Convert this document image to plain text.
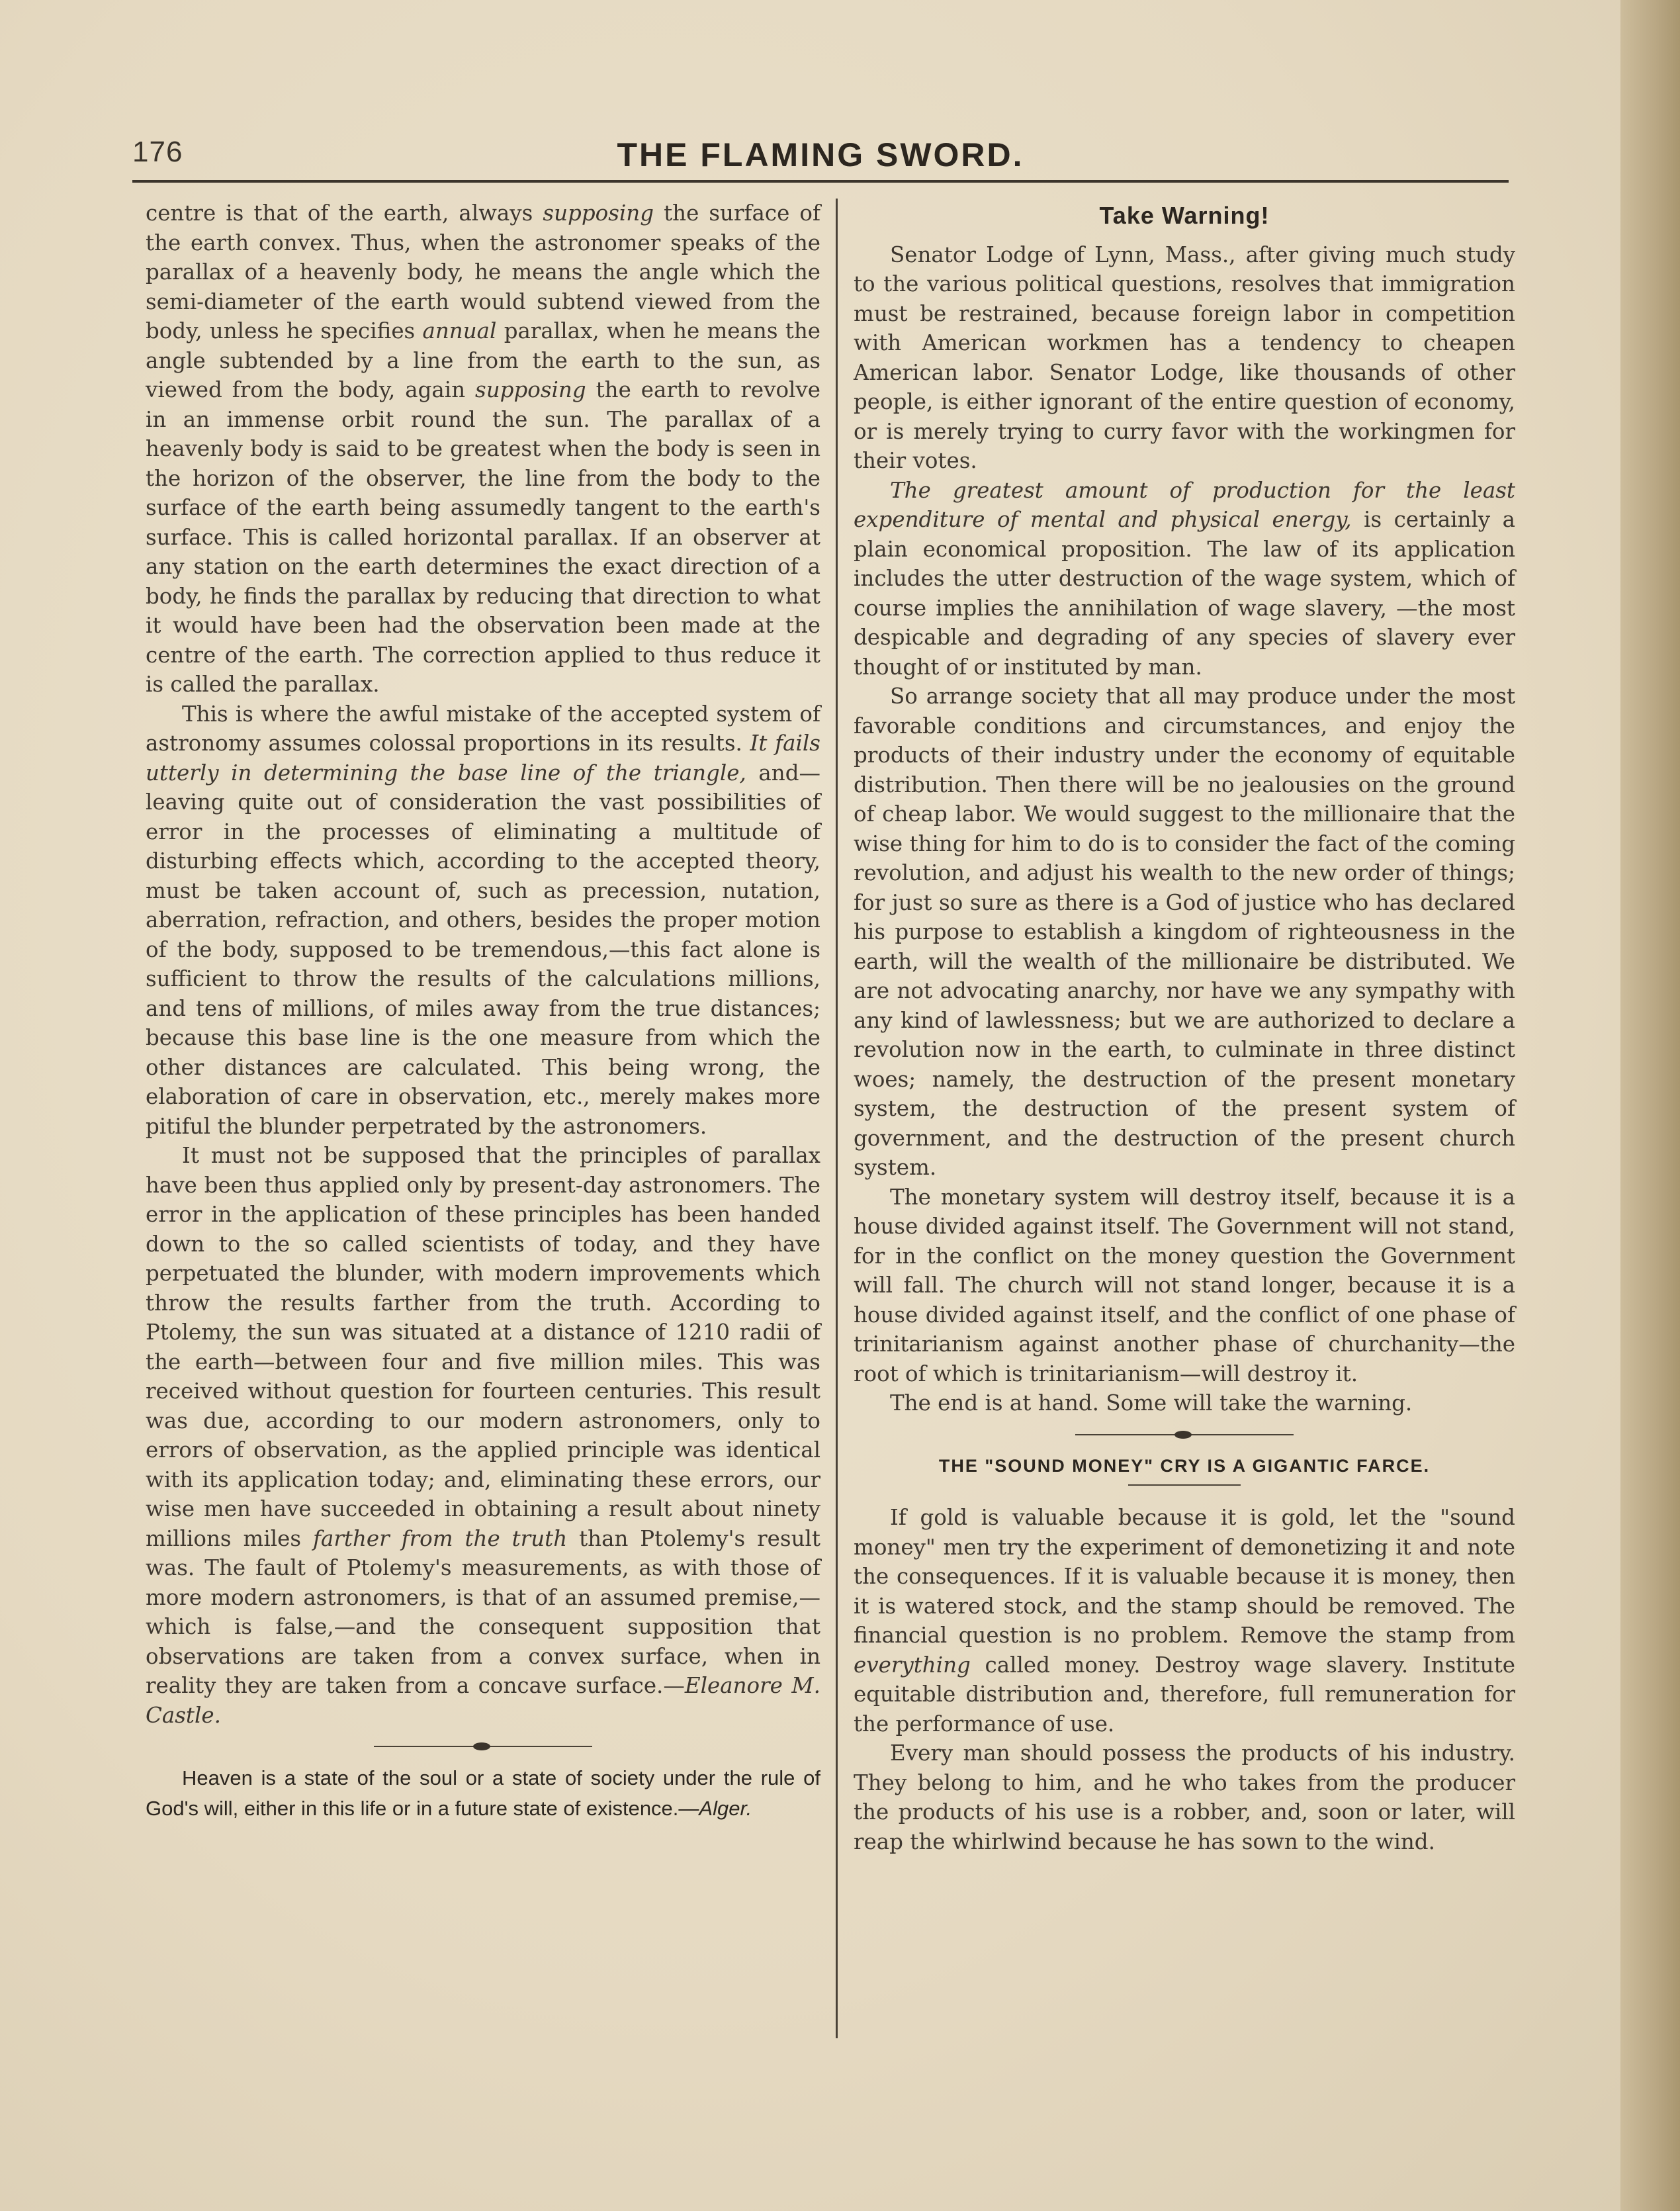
176	THE FLAMING SWORD.

centre is that of the earth, always supposing the surface of the earth convex. Thus, when the astronomer speaks of the parallax of a heavenly body, he means the angle which the semi-diameter of the earth would subtend viewed from the body, unless he specifies annual parallax, when he means the angle subtended by a line from the earth to the sun, as viewed from the body, again supposing the earth to revolve in an immense orbit round the sun. The parallax of a heavenly body is said to be greatest when the body is seen in the horizon of the observer, the line from the body to the surface of the earth being assumedly tangent to the earth's surface. This is called horizontal parallax. If an observer at any station on the earth determines the exact direction of a body, he finds the parallax by reducing that direction to what it would have been had the observation been made at the centre of the earth. The correction applied to thus reduce it is called the parallax.

This is where the awful mistake of the accepted system of astronomy assumes colossal proportions in its results. It fails utterly in determining the base line of the triangle, and—leaving quite out of consideration the vast possibilities of error in the processes of eliminating a multitude of disturbing effects which, according to the accepted theory, must be taken account of, such as precession, nutation, aberration, refraction, and others, besides the proper motion of the body, supposed to be tremendous,—this fact alone is sufficient to throw the results of the calculations millions, and tens of millions, of miles away from the true distances; because this base line is the one measure from which the other distances are calculated. This being wrong, the elaboration of care in observation, etc., merely makes more pitiful the blunder perpetrated by the astronomers.

It must not be supposed that the principles of parallax have been thus applied only by present-day astronomers. The error in the application of these principles has been handed down to the so called scientists of today, and they have perpetuated the blunder, with modern improvements which throw the results farther from the truth. According to Ptolemy, the sun was situated at a distance of 1210 radii of the earth—between four and five million miles. This was received without question for fourteen centuries. This result was due, according to our modern astronomers, only to errors of observation, as the applied principle was identical with its application today; and, eliminating these errors, our wise men have succeeded in obtaining a result about ninety millions miles farther from the truth than Ptolemy's result was. The fault of Ptolemy's measurements, as with those of more modern astronomers, is that of an assumed premise,—which is false,—and the consequent supposition that observations are taken from a convex surface, when in reality they are taken from a concave surface.—Eleanore M. Castle.

Heaven is a state of the soul or a state of society under the rule of God's will, either in this life or in a future state of existence.—Alger.

Take Warning!

Senator Lodge of Lynn, Mass., after giving much study to the various political questions, resolves that immigration must be restrained, because foreign labor in competition with American workmen has a tendency to cheapen American labor. Senator Lodge, like thousands of other people, is either ignorant of the entire question of economy, or is merely trying to curry favor with the workingmen for their votes.

The greatest amount of production for the least expenditure of mental and physical energy, is certainly a plain economical proposition. The law of its application includes the utter destruction of the wage system, which of course implies the annihilation of wage slavery, —the most despicable and degrading of any species of slavery ever thought of or instituted by man.

So arrange society that all may produce under the most favorable conditions and circumstances, and enjoy the products of their industry under the economy of equitable distribution. Then there will be no jealousies on the ground of cheap labor. We would suggest to the millionaire that the wise thing for him to do is to consider the fact of the coming revolution, and adjust his wealth to the new order of things; for just so sure as there is a God of justice who has declared his purpose to establish a kingdom of righteousness in the earth, will the wealth of the millionaire be distributed. We are not advocating anarchy, nor have we any sympathy with any kind of lawlessness; but we are authorized to declare a revolution now in the earth, to culminate in three distinct woes; namely, the destruction of the present monetary system, the destruction of the present system of government, and the destruction of the present church system.

The monetary system will destroy itself, because it is a house divided against itself. The Government will not stand, for in the conflict on the money question the Government will fall. The church will not stand longer, because it is a house divided against itself, and the conflict of one phase of trinitarianism against another phase of churchanity—the root of which is trinitarianism—will destroy it.

The end is at hand. Some will take the warning.

THE "SOUND MONEY" CRY IS A GIGANTIC FARCE.

If gold is valuable because it is gold, let the "sound money" men try the experiment of demonetizing it and note the consequences. If it is valuable because it is money, then it is watered stock, and the stamp should be removed. The financial question is no problem. Remove the stamp from everything called money. Destroy wage slavery. Institute equitable distribution and, therefore, full remuneration for the performance of use.

Every man should possess the products of his industry. They belong to him, and he who takes from the producer the products of his use is a robber, and, soon or later, will reap the whirlwind because he has sown to the wind.
